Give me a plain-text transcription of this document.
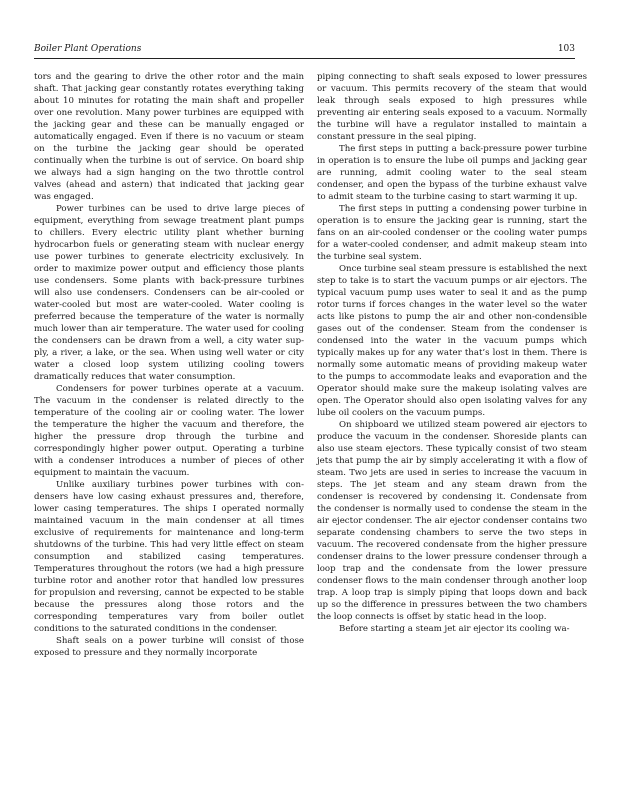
Boiler Plant Operations	103

tors and the gearing to drive the other rotor and the main shaft. That jacking gear constantly rotates everything taking about 10 minutes for rotating the main shaft and propeller over one revolution. Many power turbines are equipped with the jacking gear and these can be manually engaged or automatically engaged. Even if there is no vacuum or steam on the turbine the jacking gear should be operated continually when the turbine is out of service. On board ship we always had a sign hanging on the two throttle control valves (ahead and astern) that indicated that jacking gear was engaged.

Power turbines can be used to drive large pieces of equipment, everything from sewage treatment plant pumps to chillers. Every electric utility plant whether burning hydrocarbon fuels or generating steam with nuclear energy use power turbines to generate electricity exclusively. In order to maximize power output and efficiency those plants use condensers. Some plants with back-pressure turbines will also use condensers. Condensers can be air-cooled or water-cooled but most are water-cooled. Water cooling is preferred because the temperature of the water is normally much lower than air temperature. The water used for cooling the condensers can be drawn from a well, a city water supply, a river, a lake, or the sea. When using well water or city water a closed loop system utilizing cooling towers dramatically reduces that water consumption.

Condensers for power turbines operate at a vacuum. The vacuum in the condenser is related directly to the temperature of the cooling air or cooling water. The lower the temperature the higher the vacuum and therefore, the higher the pressure drop through the turbine and correspondingly higher power output. Operating a turbine with a condenser introduces a number of pieces of other equipment to maintain the vacuum.

Unlike auxiliary turbines power turbines with condensers have low casing exhaust pressures and, therefore, lower casing temperatures. The ships I operated normally maintained vacuum in the main condenser at all times exclusive of requirements for maintenance and long-term shutdowns of the turbine. This had very little effect on steam consumption and stabilized casing temperatures. Temperatures throughout the rotors (we had a high pressure turbine rotor and another rotor that handled low pressures for propulsion and reversing, cannot be expected to be stable because the pressures along those rotors and the corresponding temperatures vary from boiler outlet conditions to the saturated conditions in the condenser.

Shaft seals on a power turbine will consist of those exposed to pressure and they normally incorporate

piping connecting to shaft seals exposed to lower pressures or vacuum. This permits recovery of the steam that would leak through seals exposed to high pressures while preventing air entering seals exposed to a vacuum. Normally the turbine will have a regulator installed to maintain a constant pressure in the seal piping.

The first steps in putting a back-pressure power turbine in operation is to ensure the lube oil pumps and jacking gear are running, admit cooling water to the seal steam condenser, and open the bypass of the turbine exhaust valve to admit steam to the turbine casing to start warming it up.

The first steps in putting a condensing power turbine in operation is to ensure the jacking gear is running, start the fans on an air-cooled condenser or the cooling water pumps for a water-cooled condenser, and admit makeup steam into the turbine seal system.

Once turbine seal steam pressure is established the next step to take is to start the vacuum pumps or air ejectors. The typical vacuum pump uses water to seal it and as the pump rotor turns if forces changes in the water level so the water acts like pistons to pump the air and other non-condensible gases out of the condenser. Steam from the condenser is condensed into the water in the vacuum pumps which typically makes up for any water that’s lost in them. There is normally some automatic means of providing makeup water to the pumps to accommodate leaks and evaporation and the Operator should make sure the makeup isolating valves are open. The Operator should also open isolating valves for any lube oil coolers on the vacuum pumps.

On shipboard we utilized steam powered air ejectors to produce the vacuum in the condenser. Shoreside plants can also use steam ejectors. These typically consist of two steam jets that pump the air by simply accelerating it with a flow of steam. Two jets are used in series to increase the vacuum in steps. The jet steam and any steam drawn from the condenser is recovered by condensing it. Condensate from the condenser is normally used to condense the steam in the air ejector condenser. The air ejector condenser contains two separate condensing chambers to serve the two steps in vacuum. The recovered condensate from the higher pressure condenser drains to the lower pressure condenser through a loop trap and the condensate from the lower pressure condenser flows to the main condenser through another loop trap. A loop trap is simply piping that loops down and back up so the difference in pressures between the two chambers the loop connects is offset by static head in the loop.

Before starting a steam jet air ejector its cooling wa-
